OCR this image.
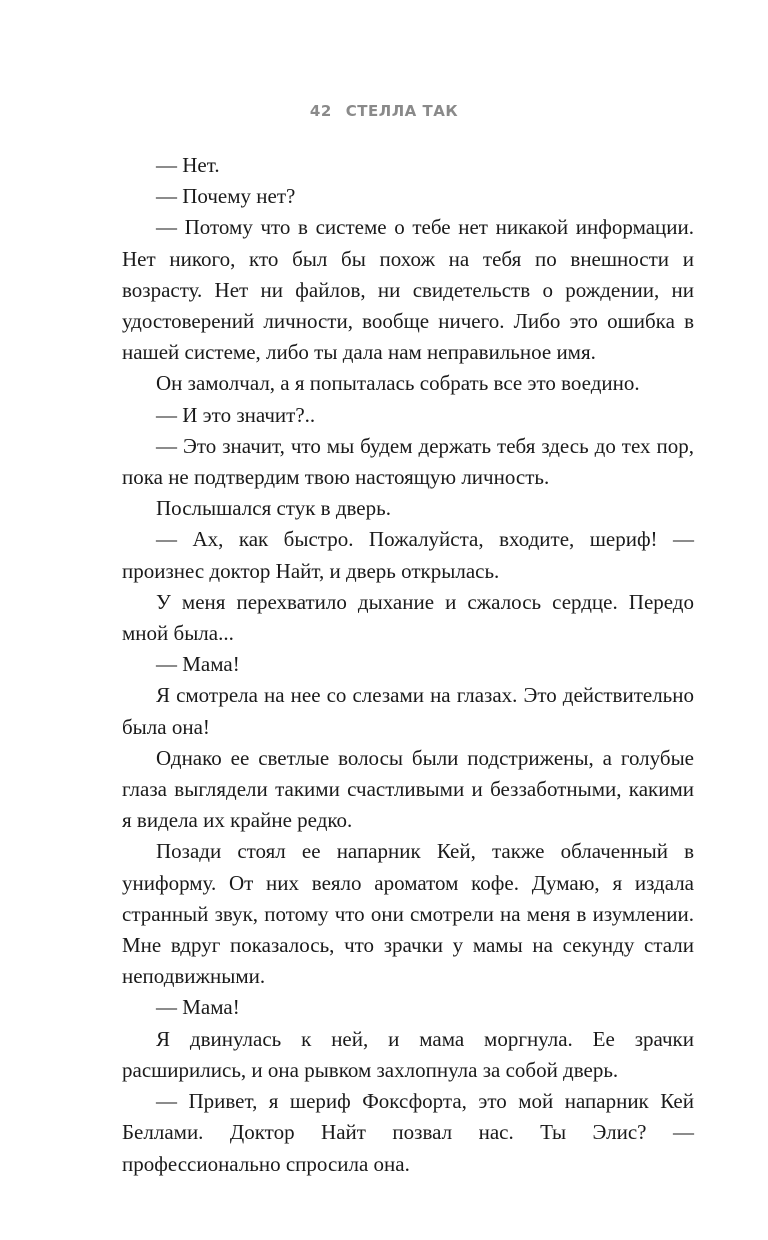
42 СТЕЛЛА ТАК

— Нет.

— Почему нет?

— Потому что в системе о тебе нет никакой информации. Нет никого, кто был бы похож на тебя по внешности и возрасту. Нет ни файлов, ни свидетельств о рождении, ни удостоверений личности, вообще ничего. Либо это ошибка в нашей системе, либо ты дала нам неправильное имя.

Он замолчал, а я попыталась собрать все это воедино.

— И это значит?..

— Это значит, что мы будем держать тебя здесь до тех пор, пока не подтвердим твою настоящую личность.

Послышался стук в дверь.

— Ах, как быстро. Пожалуйста, входите, шериф! — произнес доктор Найт, и дверь открылась.

У меня перехватило дыхание и сжалось сердце. Передо мной была...

— Мама!

Я смотрела на нее со слезами на глазах. Это действительно была она!

Однако ее светлые волосы были подстрижены, а голубые глаза выглядели такими счастливыми и беззаботными, какими я видела их крайне редко.

Позади стоял ее напарник Кей, также облаченный в униформу. От них веяло ароматом кофе. Думаю, я издала странный звук, потому что они смотрели на меня в изумлении. Мне вдруг показалось, что зрачки у мамы на секунду стали неподвижными.

— Мама!

Я двинулась к ней, и мама моргнула. Ее зрачки расширились, и она рывком захлопнула за собой дверь.

— Привет, я шериф Фоксфорта, это мой напарник Кей Беллами. Доктор Найт позвал нас. Ты Элис? — профессионально спросила она.
